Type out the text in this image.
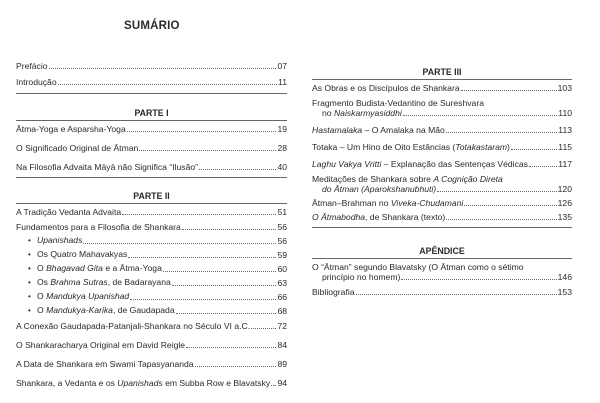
SUMÁRIO
Prefácio	07
Introdução	11
PARTE I
Ātma-Yoga e Asparsha-Yoga	19
O Significado Original de Ātman	28
Na Filosofia Advaita Māyā não Significa “Ilusão”	40
PARTE II
A Tradição Vedanta Advaita	51
Fundamentos para a Filosofia de Shankara	56
• Upanishads	56
• Os Quatro Mahavakyas	59
• O Bhagavad Gita e a Ātma-Yoga	60
• Os Brahma Sutras, de Badarayana	63
• O Mandukya Upanishad	66
• O Mandukya-Karika, de Gaudapada	68
A Conexão Gaudapada-Patanjali-Shankara no Século VI a.C.	72
O Shankaracharya Original em David Reigle	84
A Data de Shankara em Swami Tapasyananda	89
Shankara, a Vedanta e os Upanishads em Subba Row e Blavatsky 94
PARTE III
As Obras e os Discípulos de Shankara	103
Fragmento Budista-Vedantino de Sureshvara
no Naiskarmyasiddhi	110
Hastamalaka – O Amalaka na Mão	113
Totaka – Um Hino de Oito Estâncias (Totakastaram)	115
Laghu Vakya Vritti – Explanação das Sentenças Védicas	117
Meditações de Shankara sobre A Cognição Direta
do Ātman (Aparokshanubhuti)	120
Ātman–Brahman no Viveka-Chudamani	126
O Ātmabodha, de Shankara (texto)	135
APÊNDICE
O “Ātman” segundo Blavatsky (O Ātman como o sétimo
princípio no homem)	146
Bibliografia	153
